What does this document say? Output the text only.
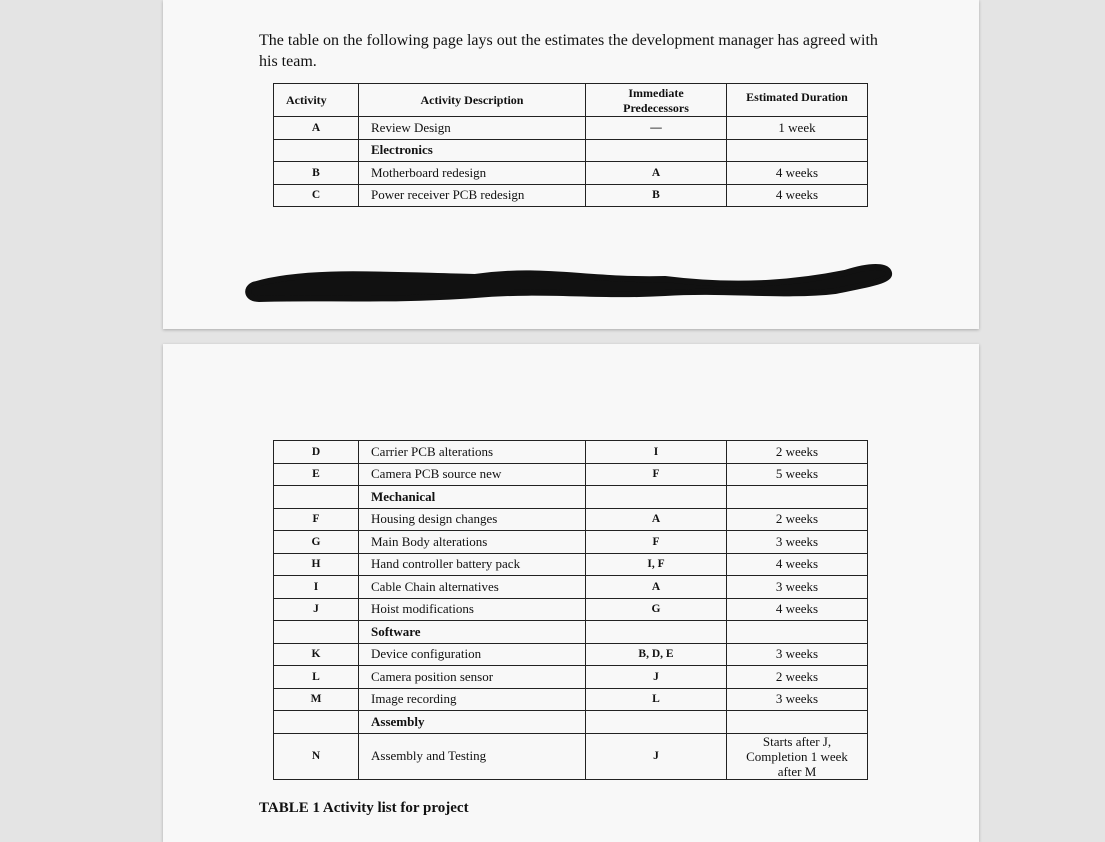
The table on the following page lays out the estimates the development manager has agreed with his team.

Activity	Activity Description	Immediate Predecessors	Estimated Duration
A	Review Design	—	1 week
	Electronics		
B	Motherboard redesign	A	4 weeks
C	Power receiver PCB redesign	B	4 weeks
D	Carrier PCB alterations	I	2 weeks
E	Camera PCB source new	F	5 weeks
	Mechanical		
F	Housing design changes	A	2 weeks
G	Main Body alterations	F	3 weeks
H	Hand controller battery pack	I, F	4 weeks
I	Cable Chain alternatives	A	3 weeks
J	Hoist modifications	G	4 weeks
	Software		
K	Device configuration	B, D, E	3 weeks
L	Camera position sensor	J	2 weeks
M	Image recording	L	3 weeks
	Assembly		
N	Assembly and Testing	J	Starts after J, Completion 1 week after M
TABLE 1 Activity list for project
